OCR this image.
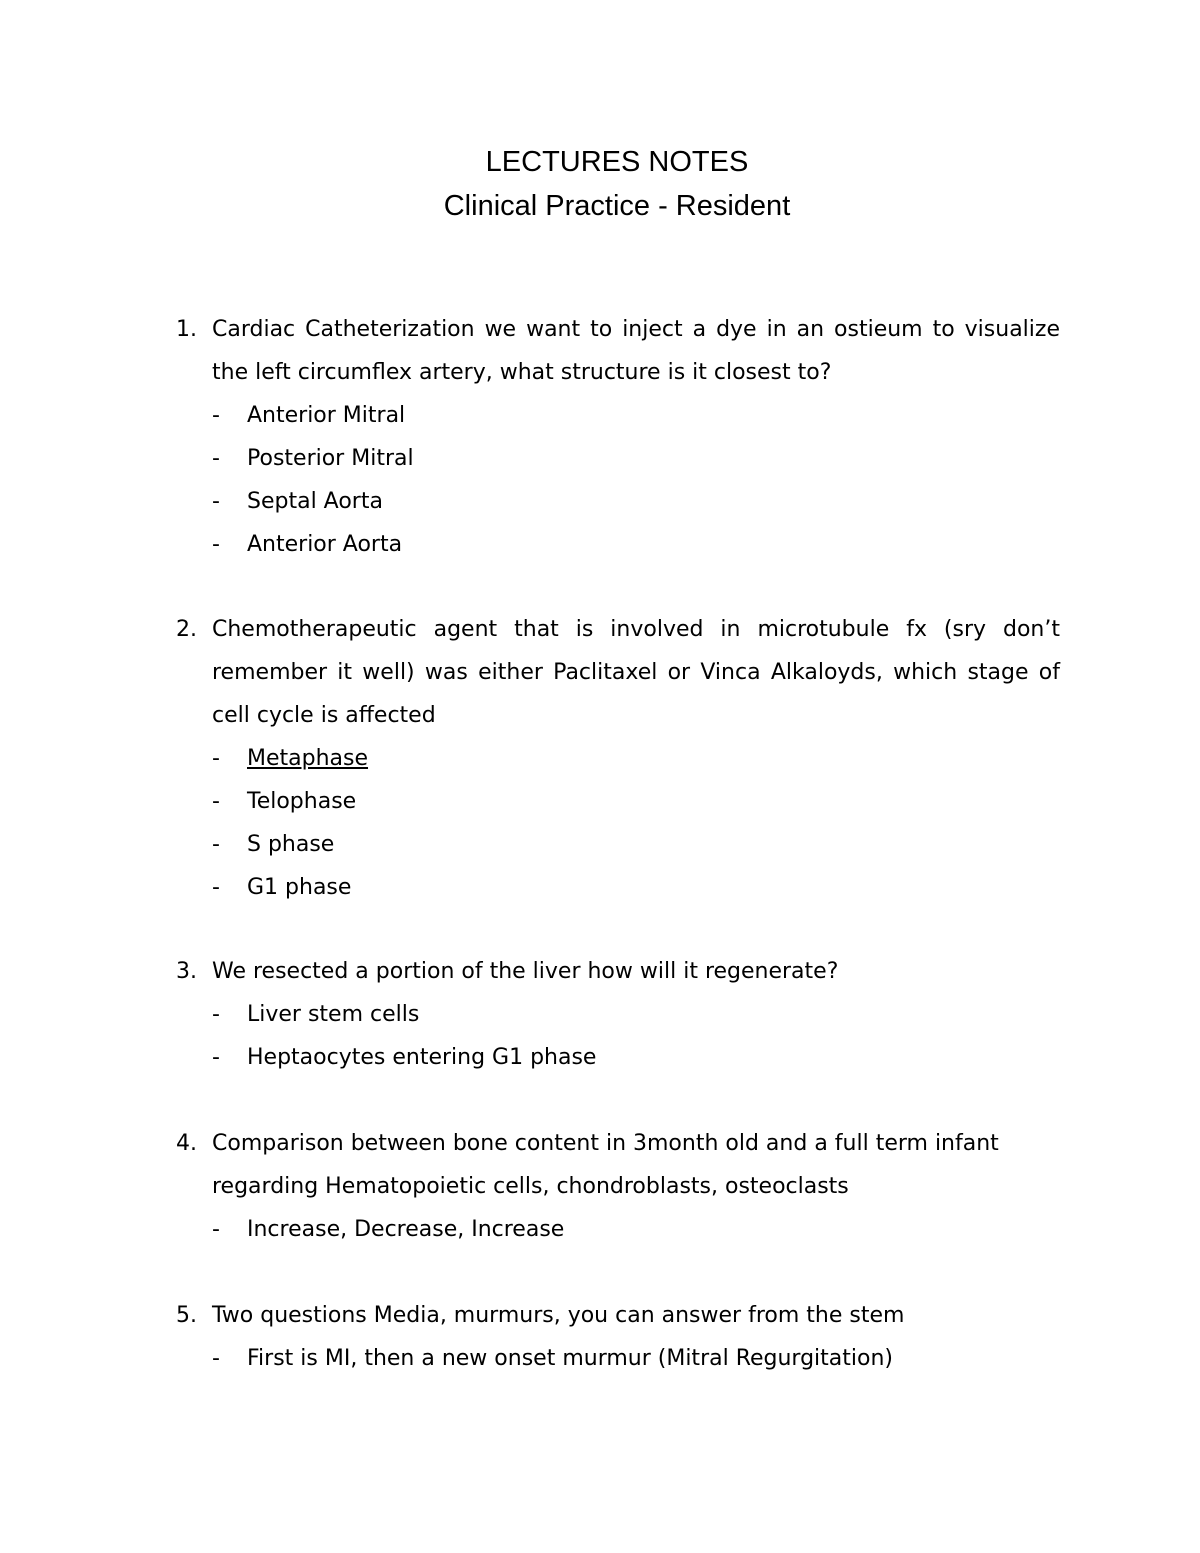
LECTURES NOTES
Clinical Practice - Resident
1. Cardiac Catheterization we want to inject a dye in an ostieum to visualize the left circumflex artery, what structure is it closest to?
-	Anterior Mitral
-	Posterior Mitral
-	Septal Aorta
-	Anterior Aorta
2. Chemotherapeutic agent that is involved in microtubule fx (sry don’t remember it well) was either Paclitaxel or Vinca Alkaloyds, which stage of cell cycle is affected
-	Metaphase
-	Telophase
-	S phase
-	G1 phase
3. We resected a portion of the liver how will it regenerate?
-	Liver stem cells
-	Heptaocytes entering G1 phase
4. Comparison between bone content in 3month old and a full term infant regarding Hematopoietic cells, chondroblasts, osteoclasts
-	Increase, Decrease, Increase
5. Two questions Media, murmurs, you can answer from the stem
-	First is MI, then a new onset murmur (Mitral Regurgitation)
